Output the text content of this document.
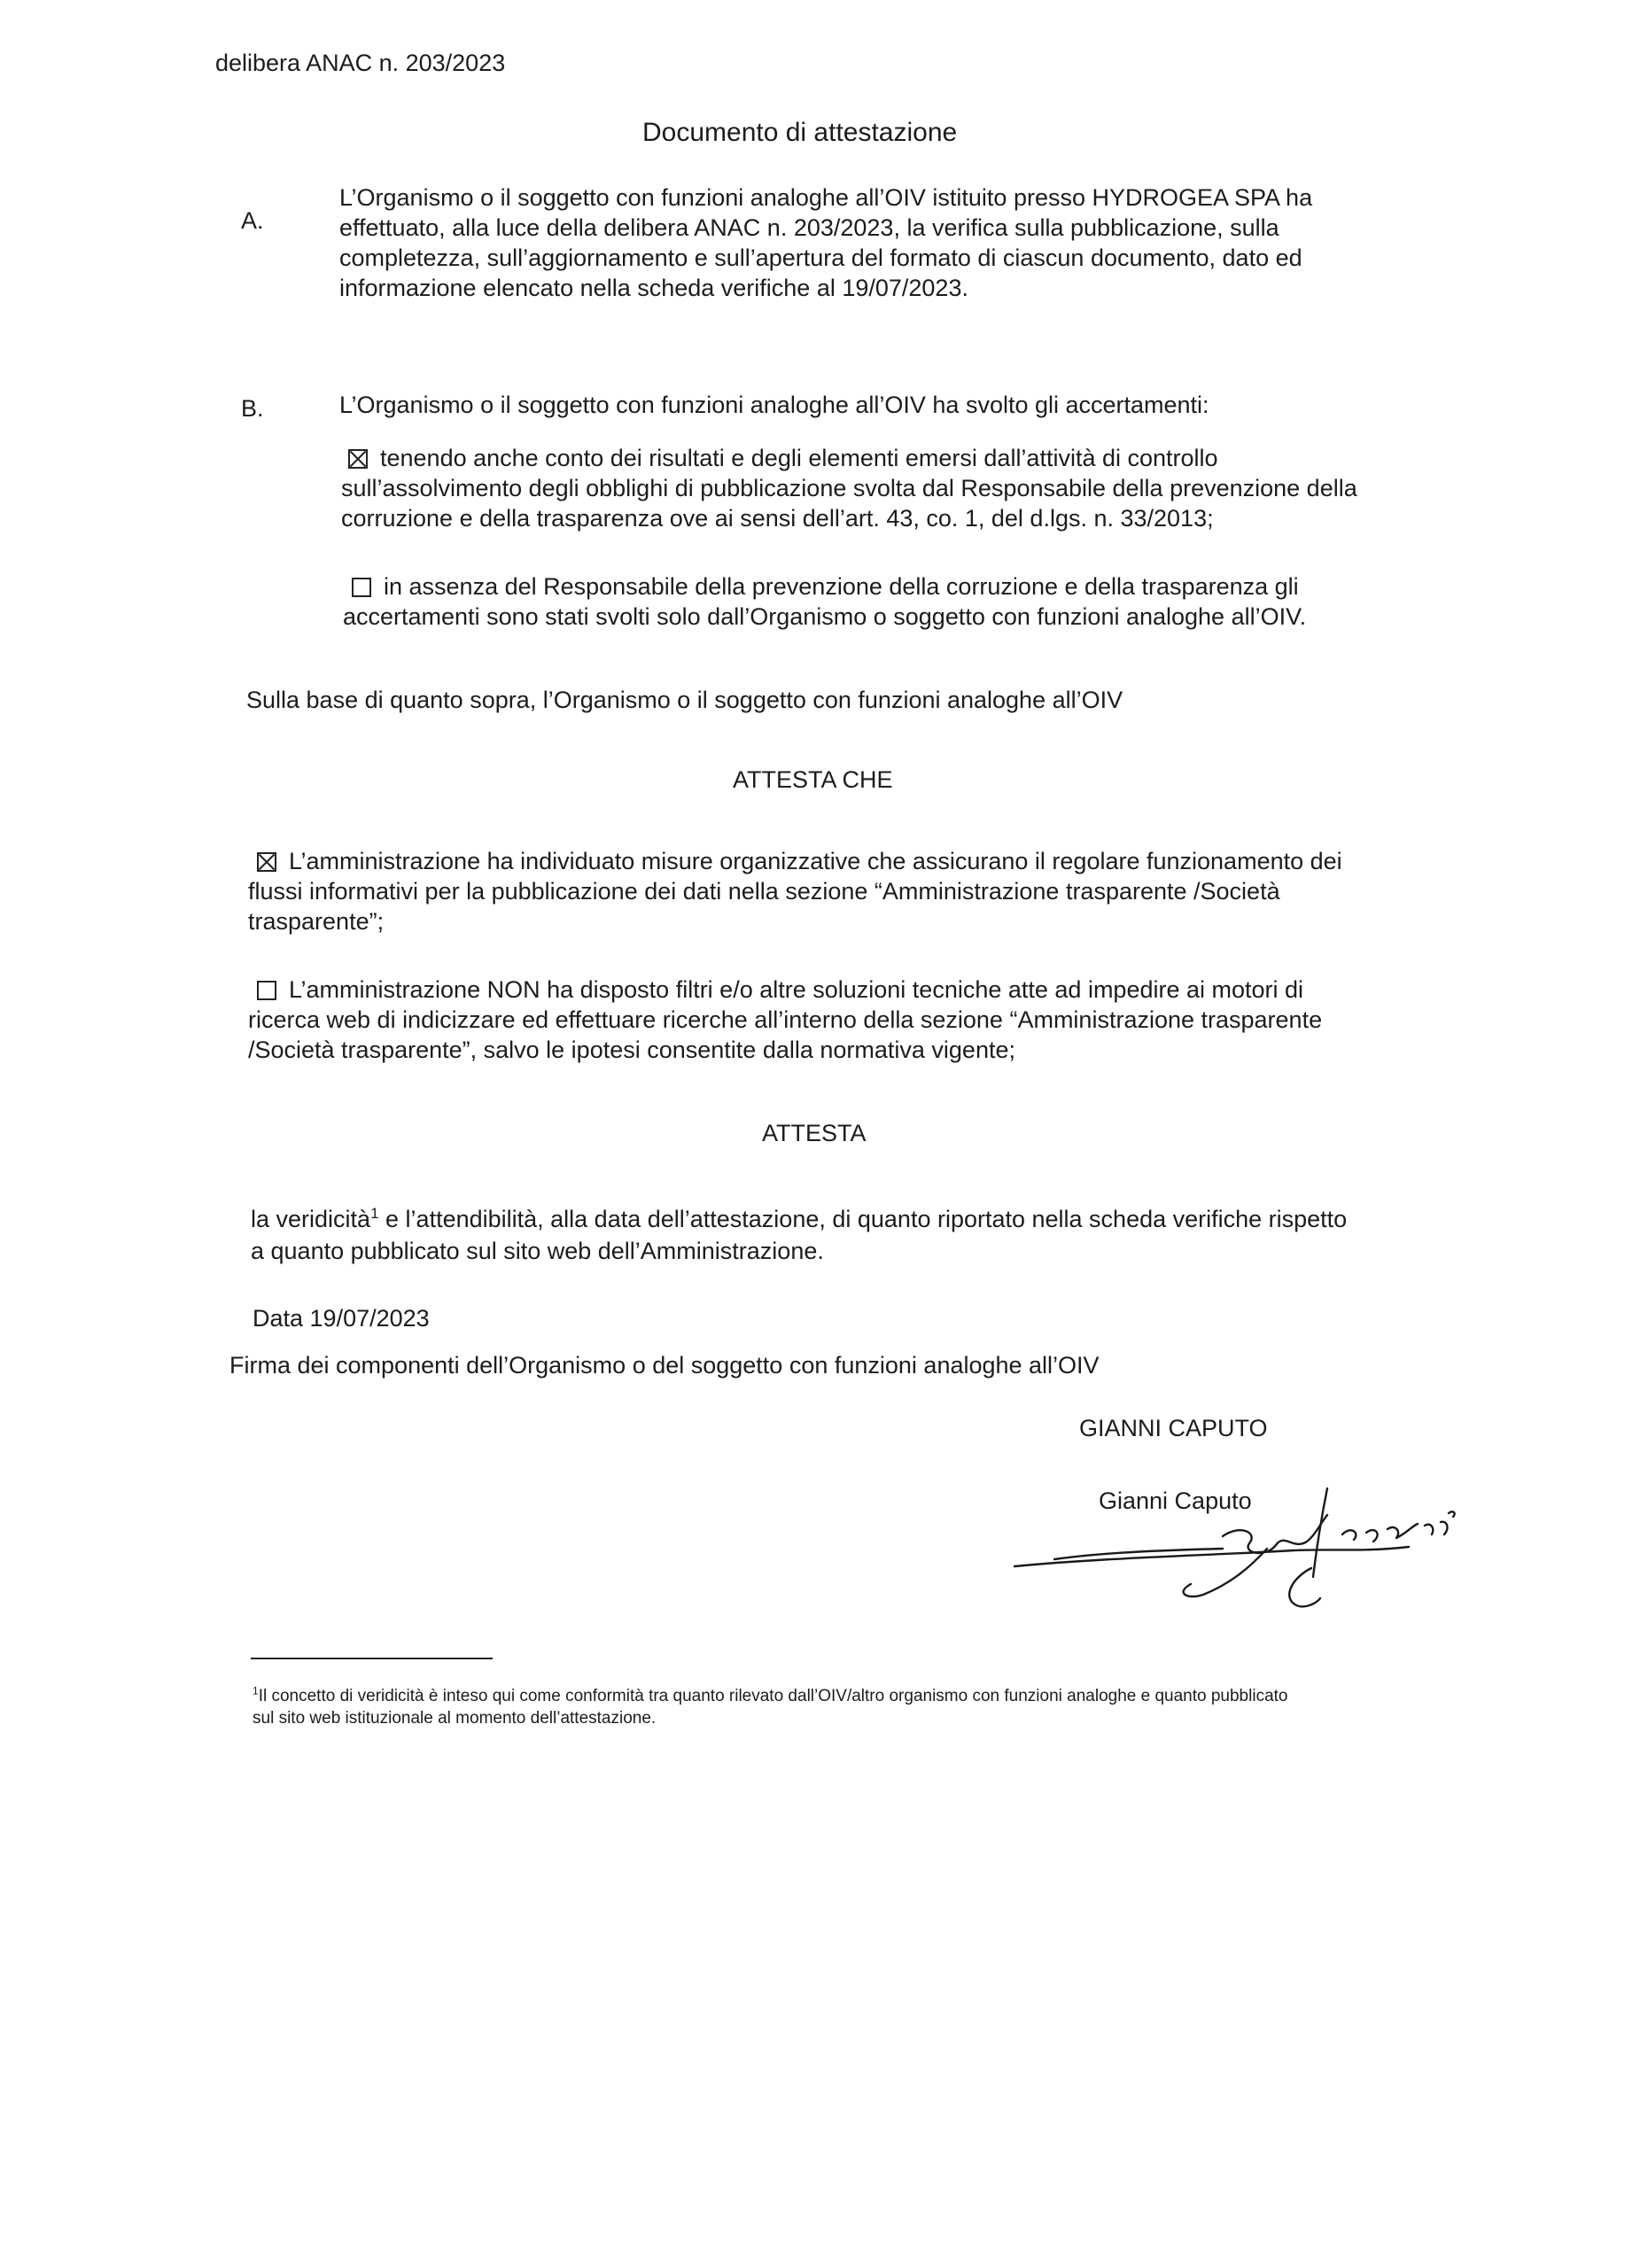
delibera ANAC n. 203/2023
Documento di attestazione
A.
L’Organismo o il soggetto con funzioni analoghe all’OIV istituito presso HYDROGEA SPA ha
effettuato, alla luce della delibera ANAC n. 203/2023, la verifica sulla pubblicazione, sulla
completezza, sull’aggiornamento e sull’apertura del formato di ciascun documento, dato ed
informazione elencato nella scheda verifiche al 19/07/2023.
B.	L’Organismo o il soggetto con funzioni analoghe all’OIV ha svolto gli accertamenti:
tenendo anche conto dei risultati e degli elementi emersi dall’attività di controllo
sull’assolvimento degli obblighi di pubblicazione svolta dal Responsabile della prevenzione della
corruzione e della trasparenza ove ai sensi dell’art. 43, co. 1, del d.lgs. n. 33/2013;
in assenza del Responsabile della prevenzione della corruzione e della trasparenza gli
accertamenti sono stati svolti solo dall’Organismo o soggetto con funzioni analoghe all’OIV.
Sulla base di quanto sopra, l’Organismo o il soggetto con funzioni analoghe all’OIV
ATTESTA CHE
L’amministrazione ha individuato misure organizzative che assicurano il regolare funzionamento dei
flussi informativi per la pubblicazione dei dati nella sezione “Amministrazione trasparente /Società
trasparente”;
L’amministrazione NON ha disposto filtri e/o altre soluzioni tecniche atte ad impedire ai motori di
ricerca web di indicizzare ed effettuare ricerche all’interno della sezione “Amministrazione trasparente
/Società trasparente”, salvo le ipotesi consentite dalla normativa vigente;
ATTESTA
la veridicità$^1$ e l’attendibilità, alla data dell’attestazione, di quanto riportato nella scheda verifiche rispetto
a quanto pubblicato sul sito web dell’Amministrazione.
Data 19/07/2023
Firma dei componenti dell’Organismo o del soggetto con funzioni analoghe all’OIV
GIANNI CAPUTO
Gianni Caputo
$^1$Il concetto di veridicità è inteso qui come conformità tra quanto rilevato dall’OIV/altro organismo con funzioni analoghe e quanto pubblicato
sul sito web istituzionale al momento dell’attestazione.
